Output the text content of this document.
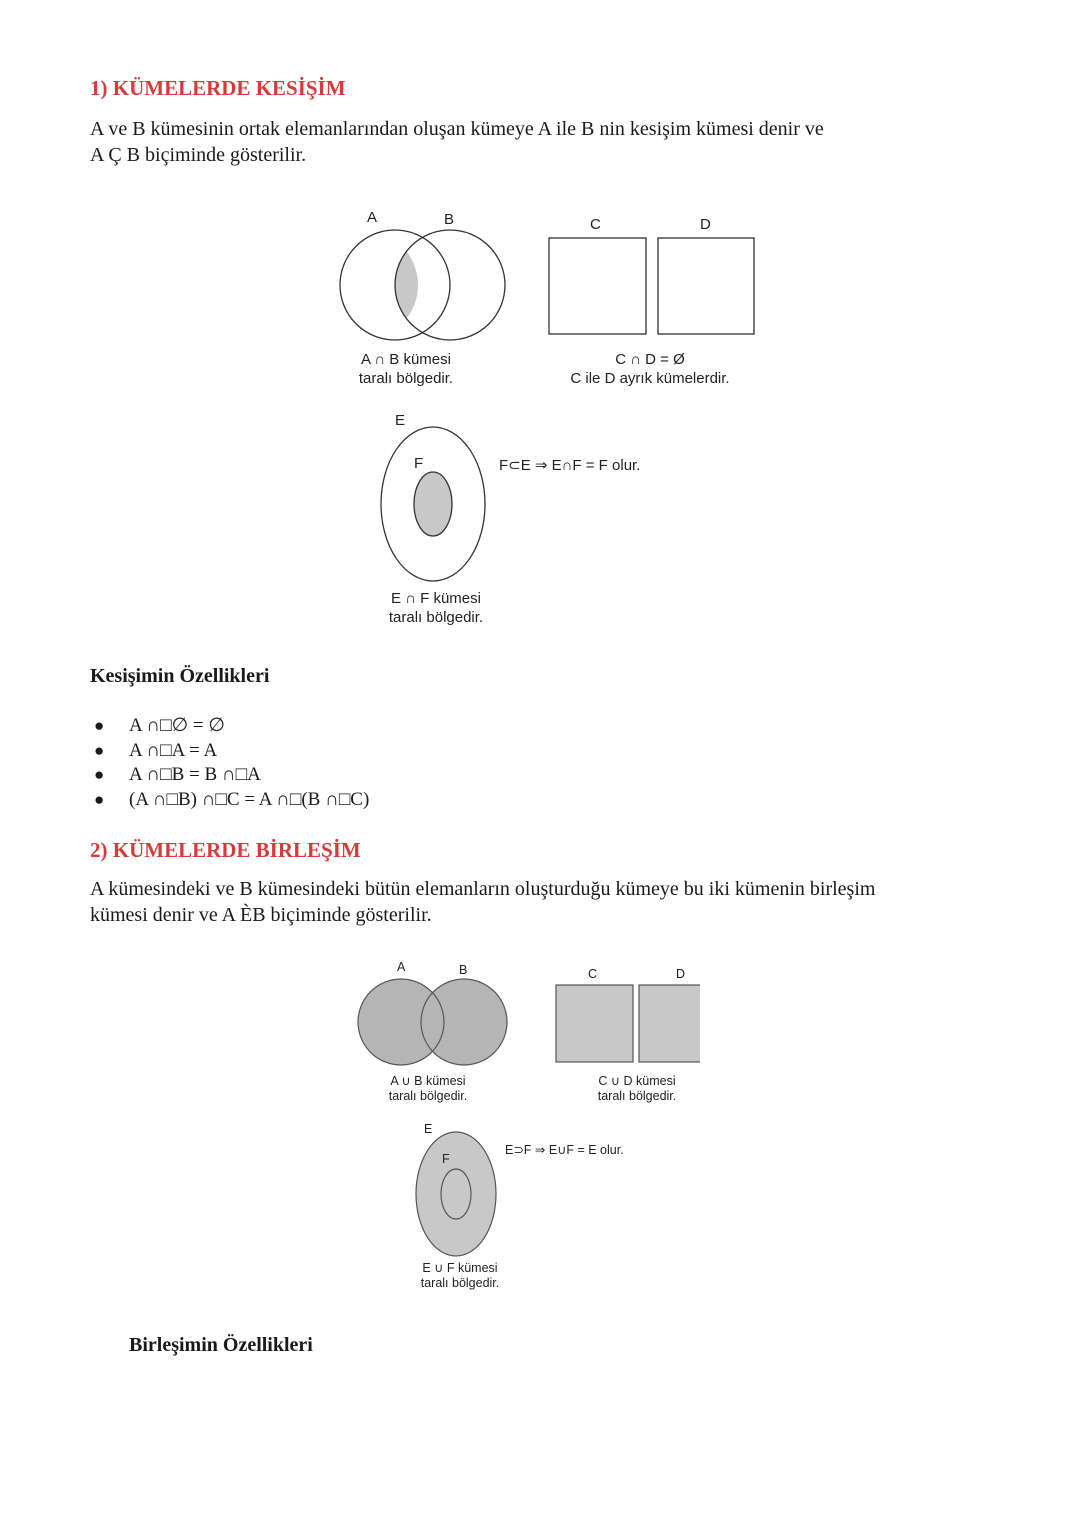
1) KÜMELERDE KESİŞİM
A ve B kümesinin ortak elemanlarından oluşan kümeye A ile B nin kesişim kümesi denir ve
A Ç B biçiminde gösterilir.
A	B
A ∩ B kümesi
taralı bölgedir.
C	D
C ∩ D = Ø
C ile D ayrık kümelerdir.
E
F	F⊂E ⇒ E∩F = F olur.
E ∩ F kümesi
taralı bölgedir.
Kesişimin Özellikleri
● A ∩□∅ = ∅
● A ∩□A = A
● A ∩□B = B ∩□A
● (A ∩□B) ∩□C = A ∩□(B ∩□C)
2) KÜMELERDE BİRLEŞİM
A kümesindeki ve B kümesindeki bütün elemanların oluşturduğu kümeye bu iki kümenin birleşim
kümesi denir ve A ÈB biçiminde gösterilir.
A	B
A ∪ B kümesi
taralı bölgedir.
C	D
C ∪ D kümesi
taralı bölgedir.
E
F
E⊃F ⇒ E∪F = E olur.
E ∪ F kümesi
taralı bölgedir.
Birleşimin Özellikleri
